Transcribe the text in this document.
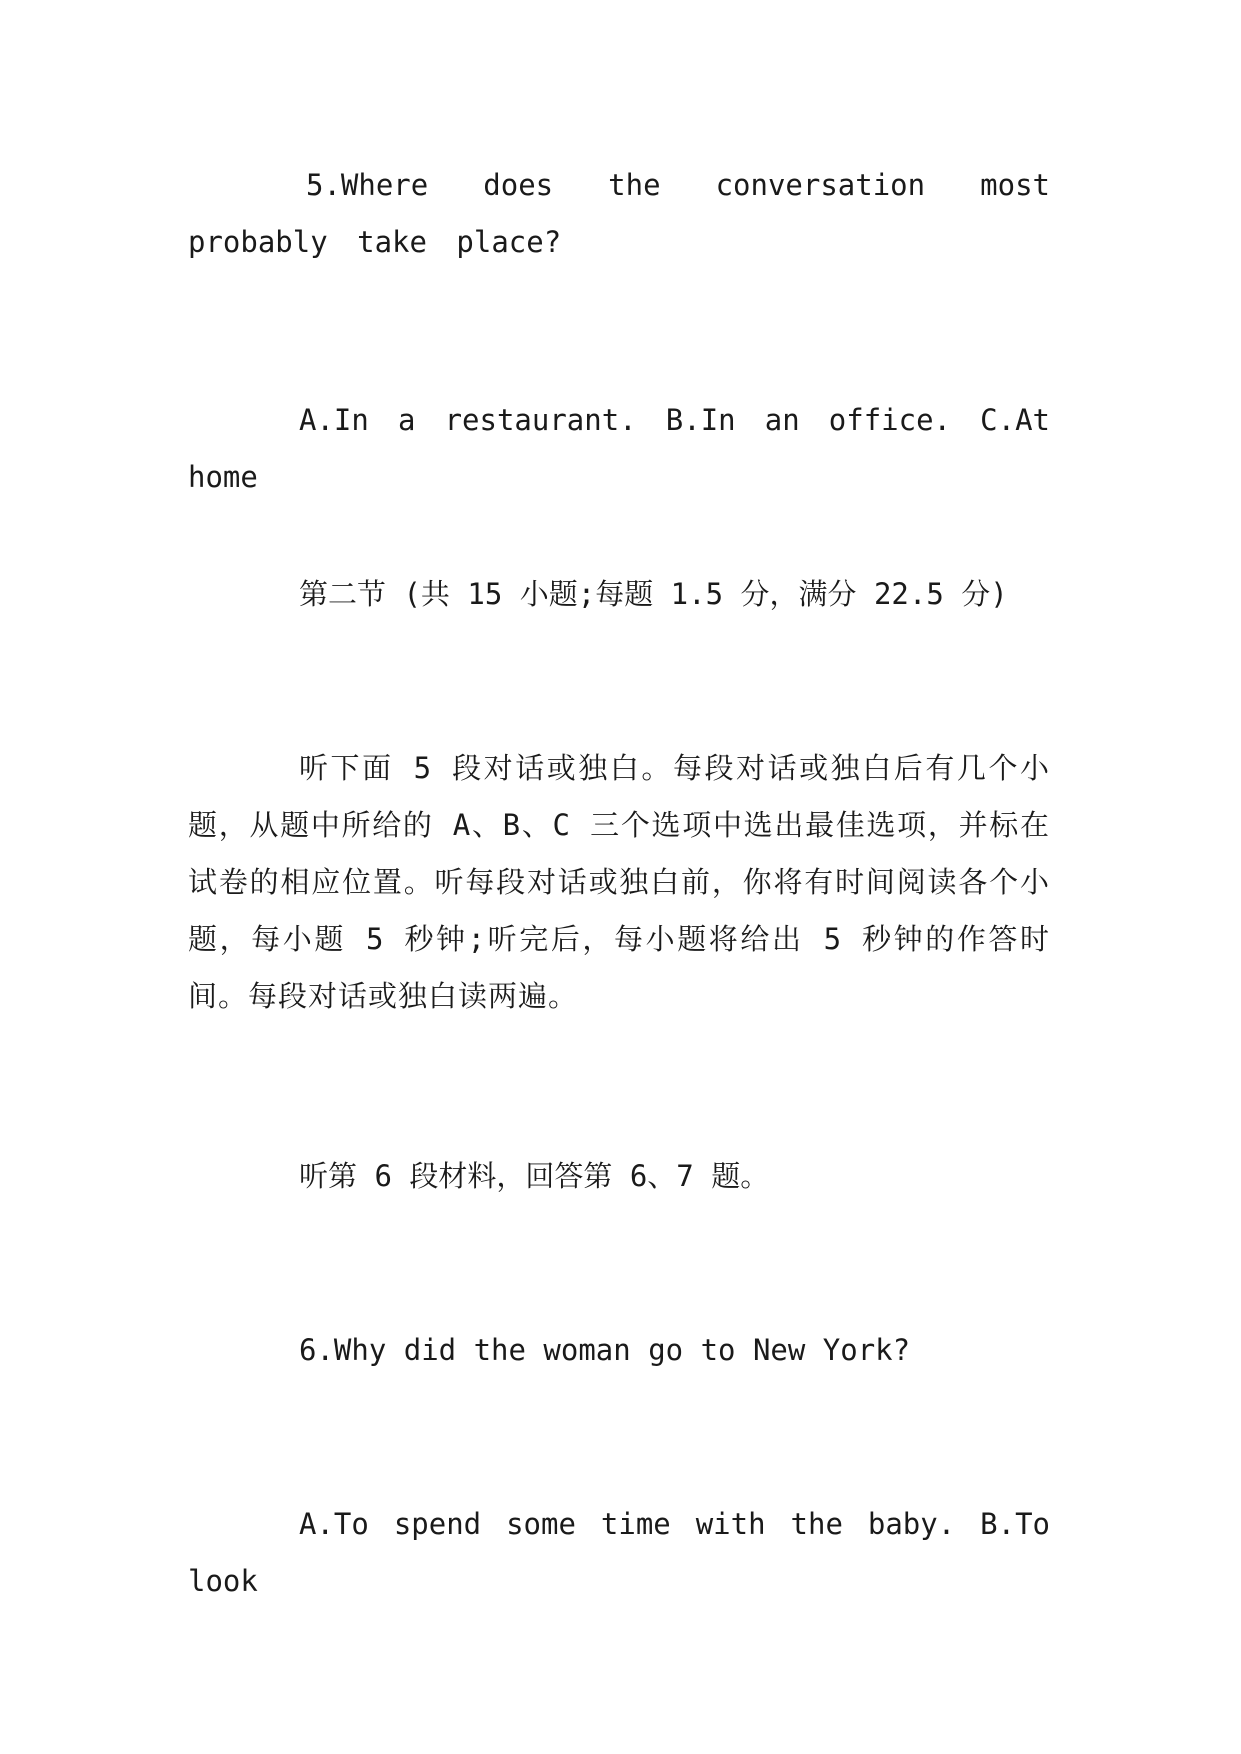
5.Where does the conversation most probably take place?

A.In a restaurant. B.In an office. C.At home

第二节 (共 15 小题;每题 1.5 分，满分 22.5 分)

听下面 5 段对话或独白。每段对话或独白后有几个小题，从题中所给的 A、B、C 三个选项中选出最佳选项，并标在试卷的相应位置。听每段对话或独白前，你将有时间阅读各个小题，每小题 5 秒钟;听完后，每小题将给出 5 秒钟的作答时间。每段对话或独白读两遍。

听第 6 段材料，回答第 6、7 题。

6.Why did the woman go to New York?

A.To spend some time with the baby. B.To look
